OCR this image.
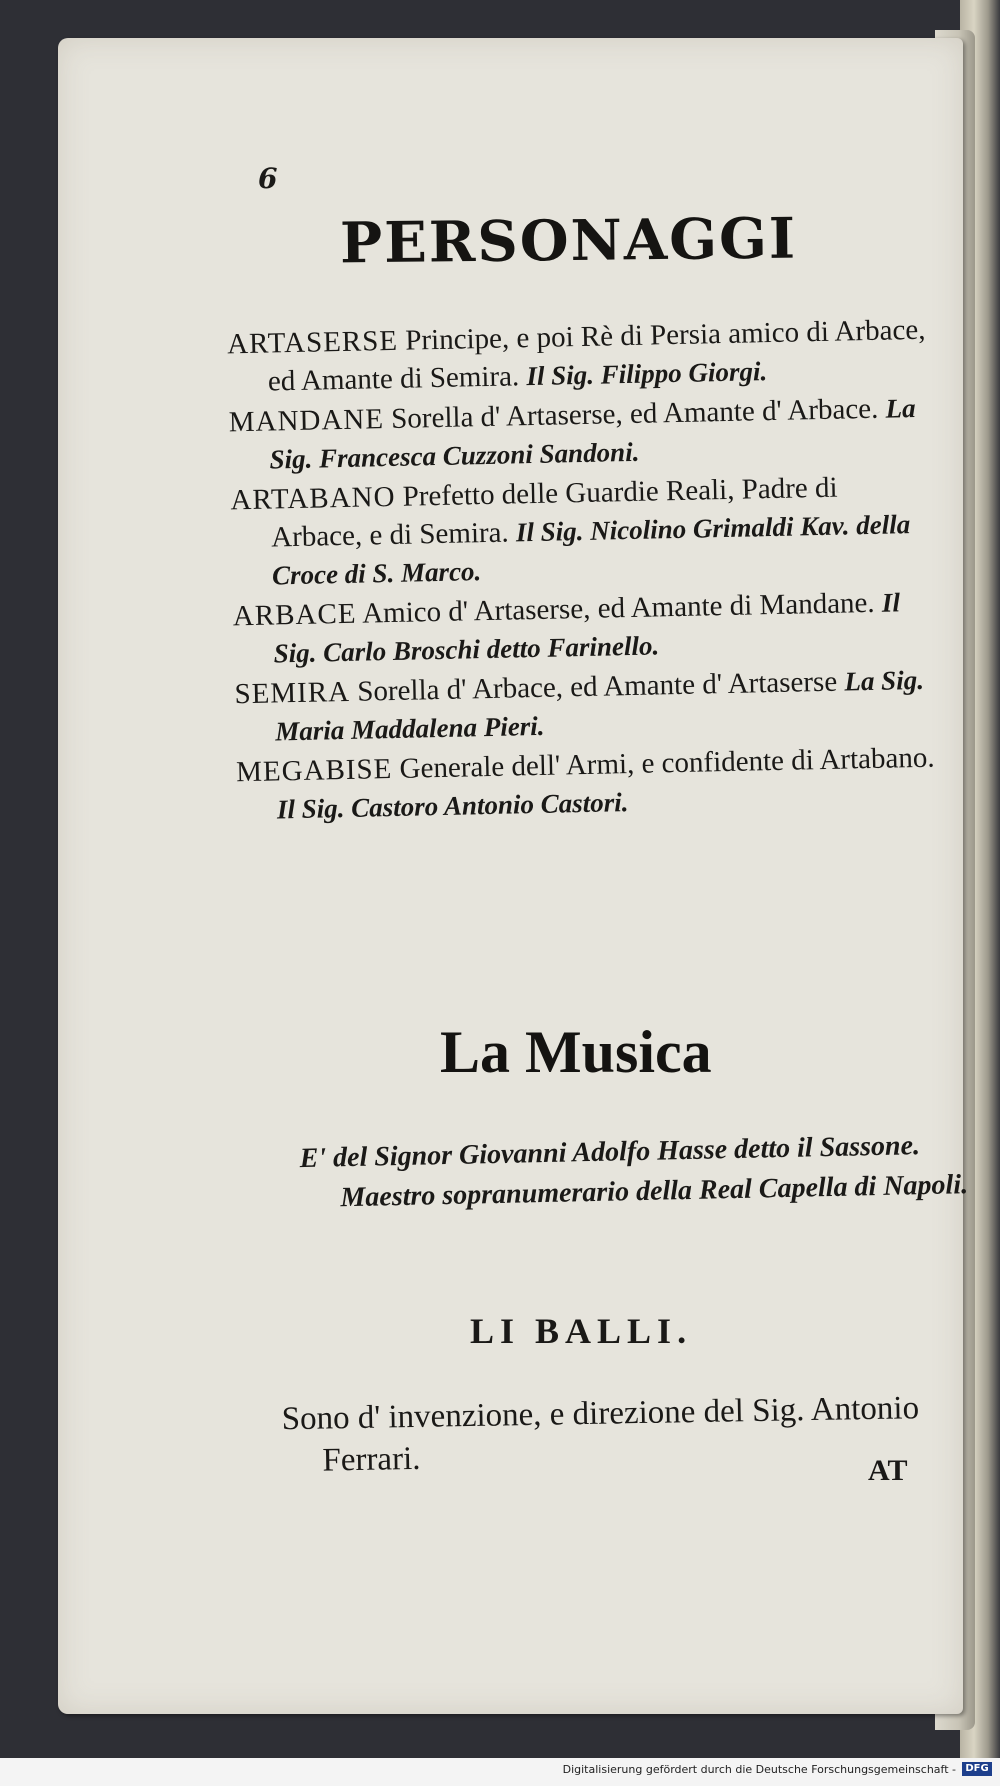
6
PERSONAGGI
ARTASERSE Principe, e poi Rè di Persia amico di Arbace, ed Amante di Semira. Il Sig. Filippo Giorgi.
MANDANE Sorella d' Artaserse, ed Amante d' Arbace. La Sig. Francesca Cuzzoni Sandoni.
ARTABANO Prefetto delle Guardie Reali, Padre di Arbace, e di Semira. Il Sig. Nicolino Grimaldi Kav. della Croce di S. Marco.
ARBACE Amico d' Artaserse, ed Amante di Mandane. Il Sig. Carlo Broschi detto Farinello.
SEMIRA Sorella d' Arbace, ed Amante d' Artaserse La Sig. Maria Maddalena Pieri.
MEGABISE Generale dell' Armi, e confidente di Artabano. Il Sig. Castoro Antonio Castori.
La Musica
E' del Signor Giovanni Adolfo Hasse detto il Sassone. Maestro sopranumerario della Real Capella di Napoli.
LI BALLI.
Sono d' invenzione, e direzione del Sig. Antonio Ferrari.	AT
Digitalisierung gefördert durch die Deutsche Forschungsgemeinschaft - DFG
